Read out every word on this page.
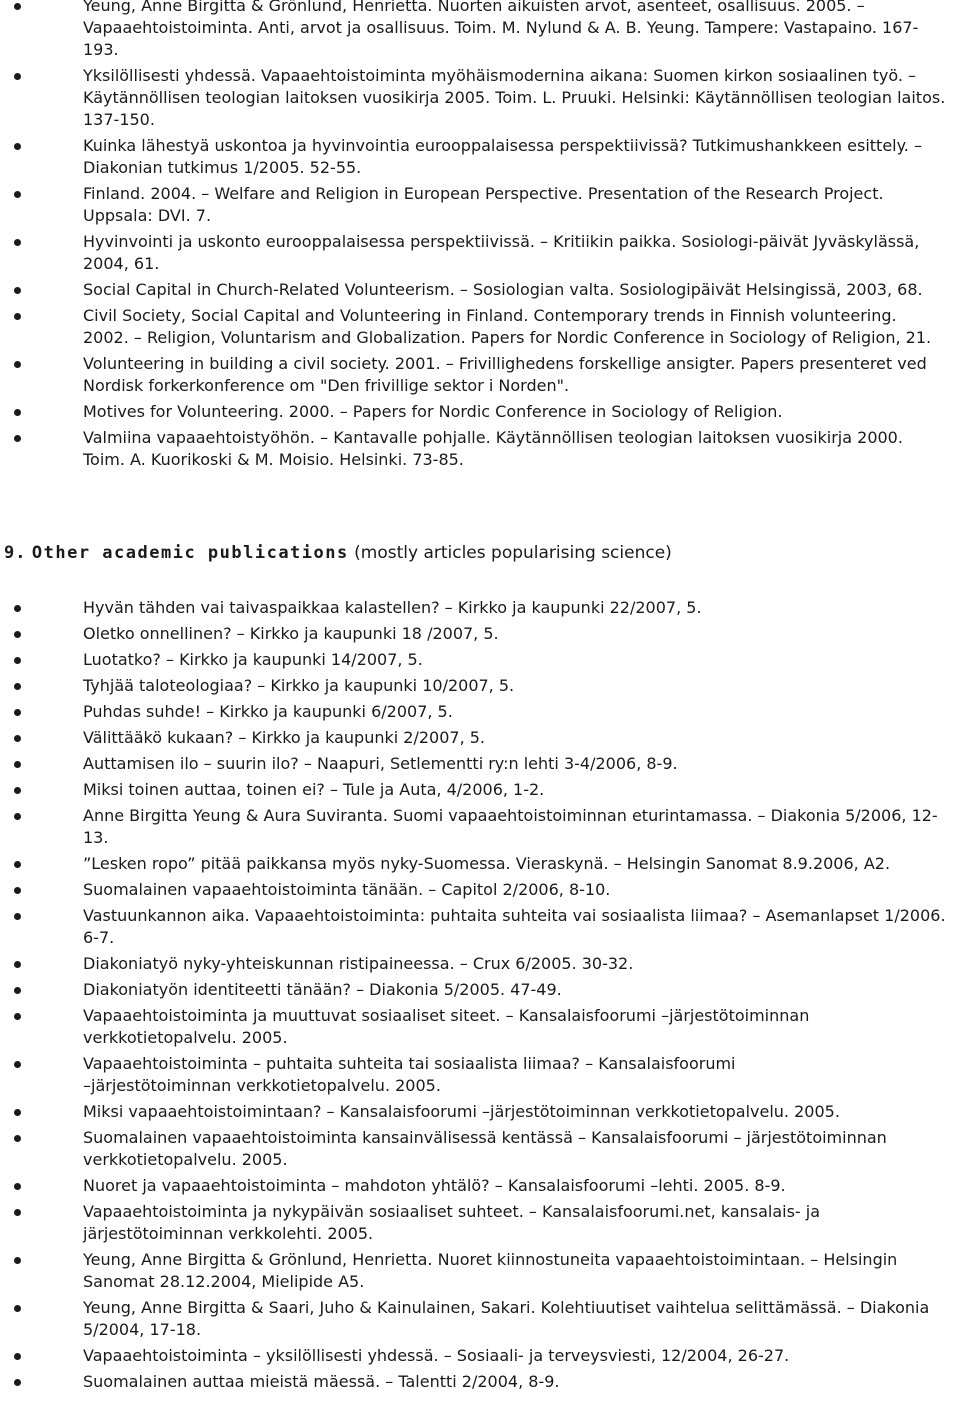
Yeung, Anne Birgitta & Grönlund, Henrietta. Nuorten aikuisten arvot, asenteet, osallisuus. 2005. – Vapaaehtoistoiminta. Anti, arvot ja osallisuus. Toim. M. Nylund & A. B. Yeung. Tampere: Vastapaino. 167-193.
Yksilöllisesti yhdessä. Vapaaehtoistoiminta myöhäismodernina aikana: Suomen kirkon sosiaalinen työ. – Käytännöllisen teologian laitoksen vuosikirja 2005. Toim. L. Pruuki. Helsinki: Käytännöllisen teologian laitos. 137-150.
Kuinka lähestyä uskontoa ja hyvinvointia eurooppalaisessa perspektiivissä? Tutkimushankkeen esittely. – Diakonian tutkimus 1/2005. 52-55.
Finland. 2004. – Welfare and Religion in European Perspective. Presentation of the Research Project. Uppsala: DVI. 7.
Hyvinvointi ja uskonto eurooppalaisessa perspektiivissä. – Kritiikin paikka. Sosiologi-päivät Jyväskylässä, 2004, 61.
Social Capital in Church-Related Volunteerism. – Sosiologian valta. Sosiologipäivät Helsingissä, 2003, 68.
Civil Society, Social Capital and Volunteering in Finland. Contemporary trends in Finnish volunteering. 2002. – Religion, Voluntarism and Globalization. Papers for Nordic Conference in Sociology of Religion, 21.
Volunteering in building a civil society. 2001. – Frivillighedens forskellige ansigter. Papers presenteret ved Nordisk forkerkonference om "Den frivillige sektor i Norden".
Motives for Volunteering. 2000. – Papers for Nordic Conference in Sociology of Religion.
Valmiina vapaaehtoistyöhön. – Kantavalle pohjalle. Käytännöllisen teologian laitoksen vuosikirja 2000. Toim. A. Kuorikoski & M. Moisio. Helsinki. 73-85.
9. Other academic publications (mostly articles popularising science)
Hyvän tähden vai taivaspaikkaa kalastellen? – Kirkko ja kaupunki 22/2007, 5.
Oletko onnellinen? – Kirkko ja kaupunki 18 /2007, 5.
Luotatko? – Kirkko ja kaupunki 14/2007, 5.
Tyhjää taloteologiaa? – Kirkko ja kaupunki 10/2007, 5.
Puhdas suhde! – Kirkko ja kaupunki 6/2007, 5.
Välittääkö kukaan? – Kirkko ja kaupunki 2/2007, 5.
Auttamisen ilo – suurin ilo? – Naapuri, Setlementti ry:n lehti 3-4/2006, 8-9.
Miksi toinen auttaa, toinen ei? – Tule ja Auta, 4/2006, 1-2.
Anne Birgitta Yeung & Aura Suviranta. Suomi vapaaehtoistoiminnan eturintamassa. – Diakonia 5/2006, 12-13.
”Lesken ropo” pitää paikkansa myös nyky-Suomessa. Vieraskynä. – Helsingin Sanomat 8.9.2006, A2.
Suomalainen vapaaehtoistoiminta tänään. – Capitol 2/2006, 8-10.
Vastuunkannon aika. Vapaaehtoistoiminta: puhtaita suhteita vai sosiaalista liimaa? – Asemanlapset 1/2006. 6-7.
Diakoniatyö nyky-yhteiskunnan ristipaineessa. – Crux 6/2005. 30-32.
Diakoniatyön identiteetti tänään? – Diakonia 5/2005. 47-49.
Vapaaehtoistoiminta ja muuttuvat sosiaaliset siteet. – Kansalaisfoorumi –järjestötoiminnan verkkotietopalvelu. 2005.
Vapaaehtoistoiminta – puhtaita suhteita tai sosiaalista liimaa? – Kansalaisfoorumi
–järjestötoiminnan verkkotietopalvelu. 2005.
Miksi vapaaehtoistoimintaan? – Kansalaisfoorumi –järjestötoiminnan verkkotietopalvelu. 2005.
Suomalainen vapaaehtoistoiminta kansainvälisessä kentässä – Kansalaisfoorumi – järjestötoiminnan verkkotietopalvelu. 2005.
Nuoret ja vapaaehtoistoiminta – mahdoton yhtälö? – Kansalaisfoorumi –lehti. 2005. 8-9.
Vapaaehtoistoiminta ja nykypäivän sosiaaliset suhteet. – Kansalaisfoorumi.net, kansalais- ja järjestötoiminnan verkkolehti. 2005.
Yeung, Anne Birgitta & Grönlund, Henrietta. Nuoret kiinnostuneita vapaaehtoistoimintaan. – Helsingin Sanomat 28.12.2004, Mielipide A5.
Yeung, Anne Birgitta & Saari, Juho & Kainulainen, Sakari. Kolehtiuutiset vaihtelua selittämässä. – Diakonia 5/2004, 17-18.
Vapaaehtoistoiminta – yksilöllisesti yhdessä. – Sosiaali- ja terveysviesti, 12/2004, 26-27.
Suomalainen auttaa mieistä mäessä. – Talentti 2/2004, 8-9.
